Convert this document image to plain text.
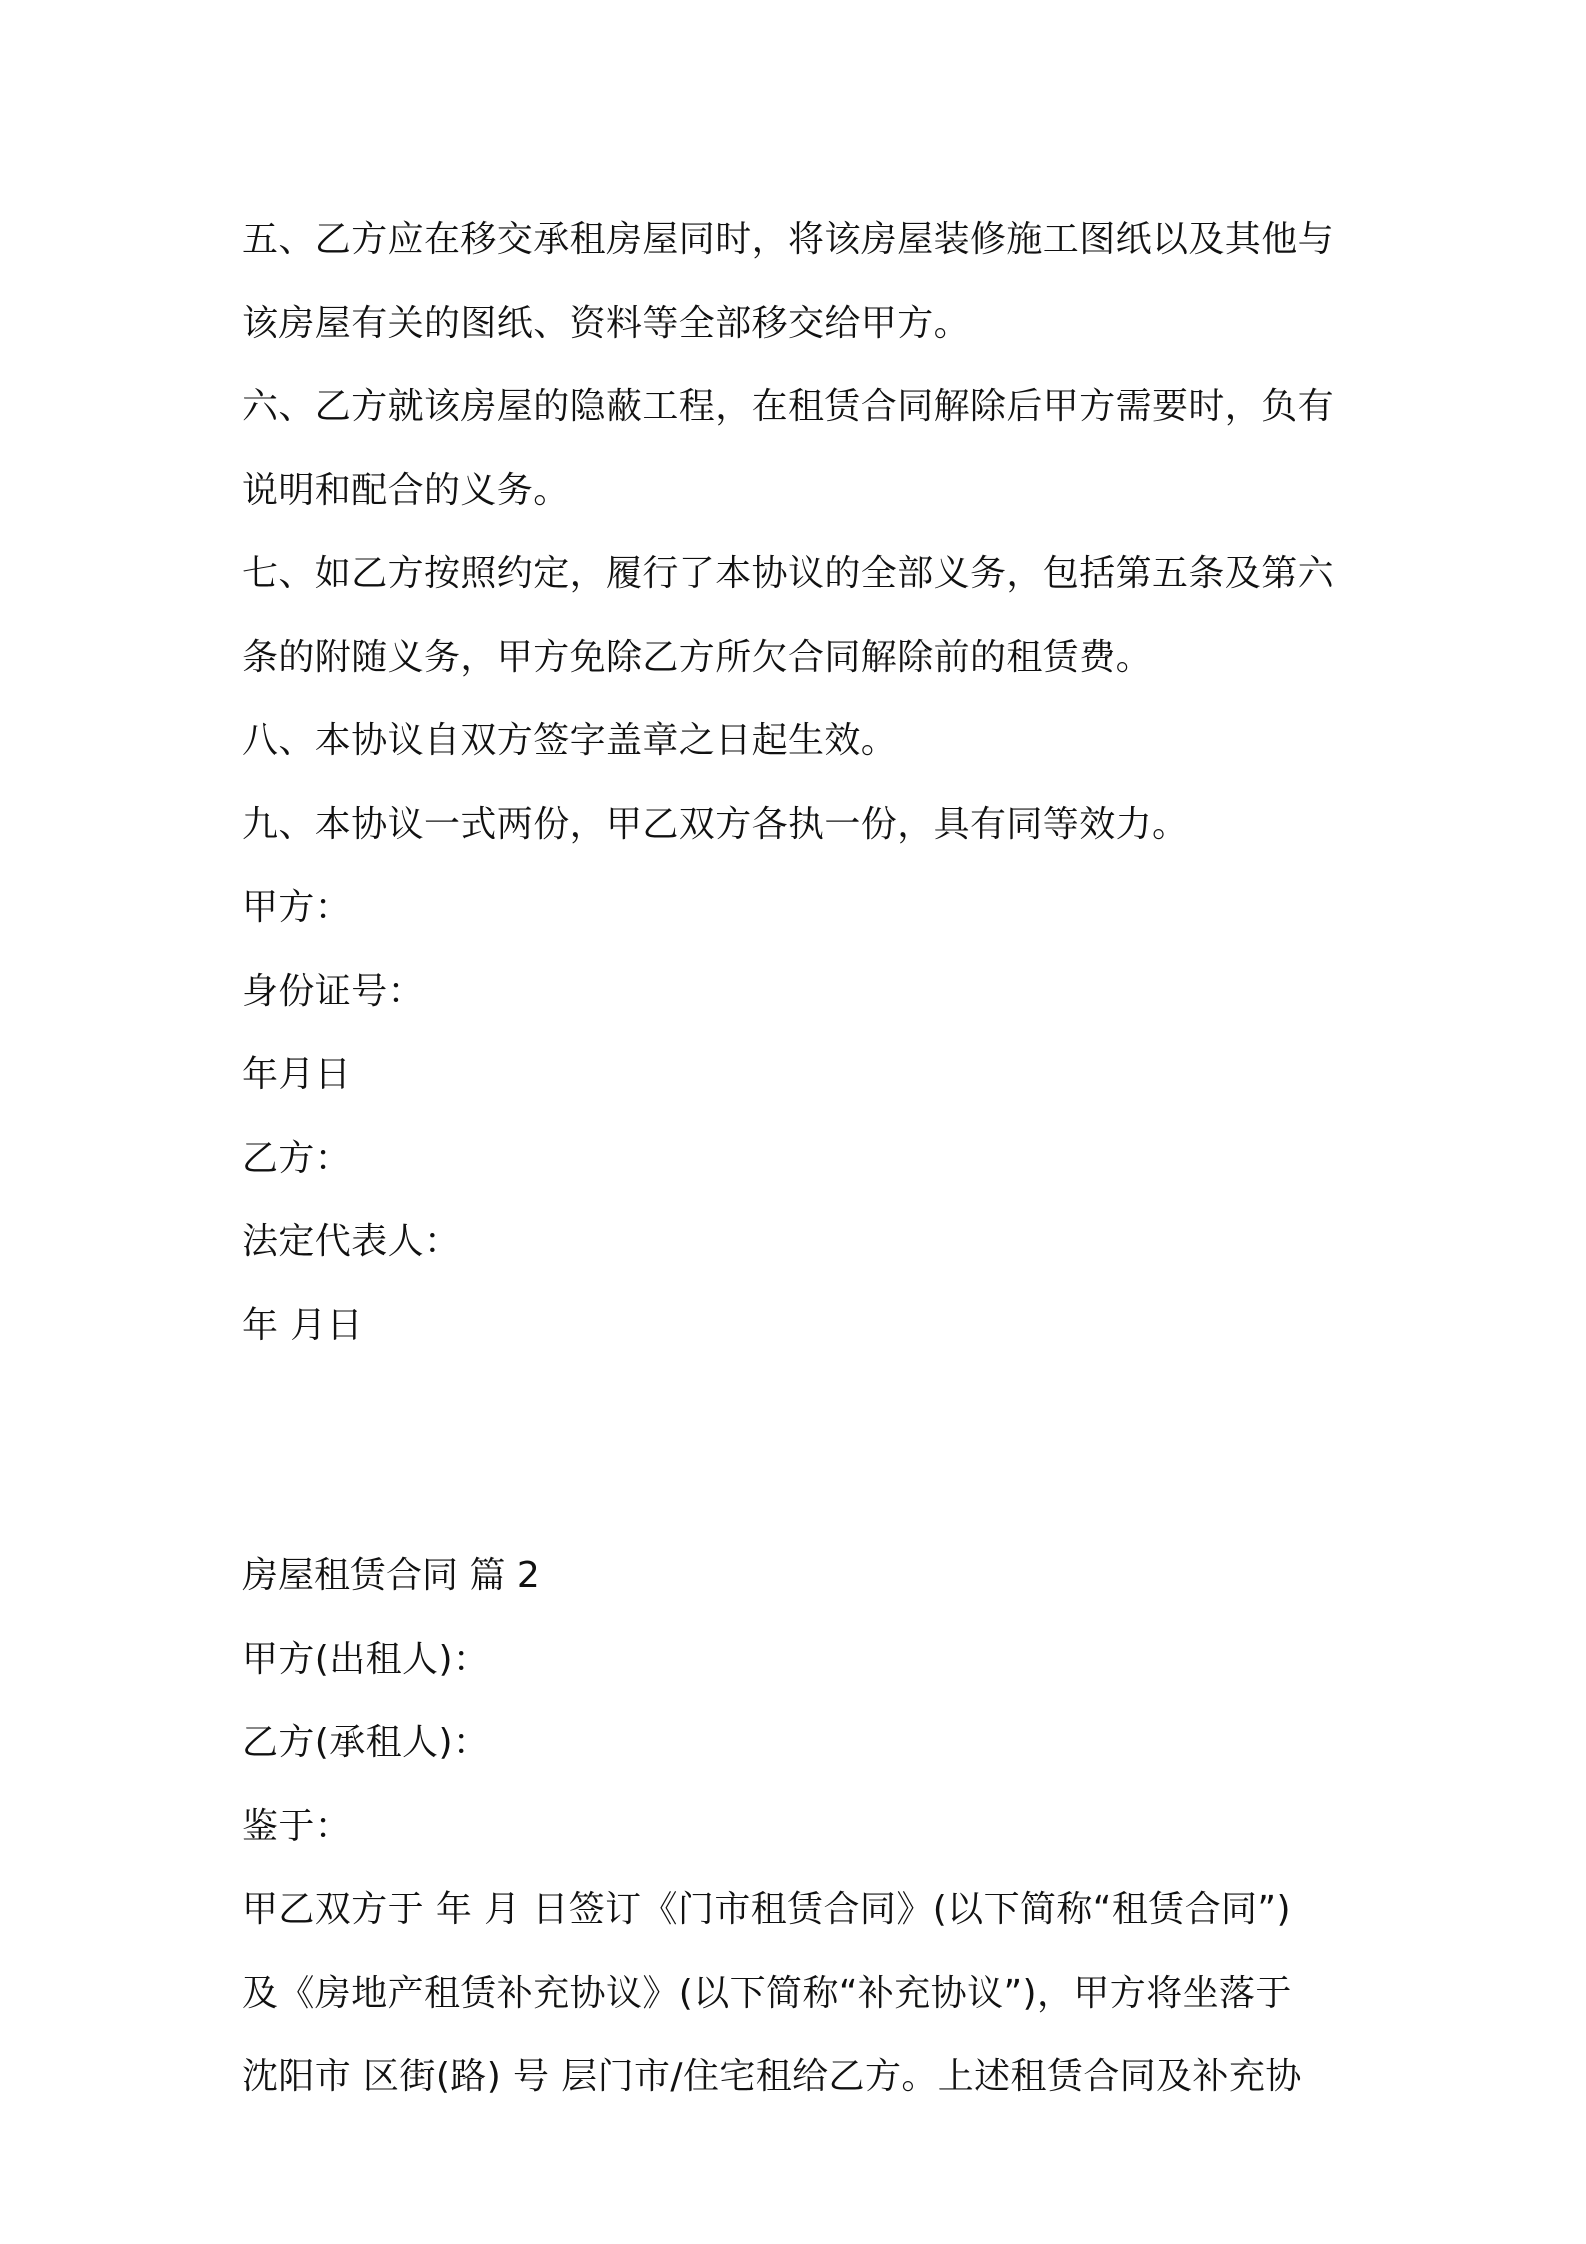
五、乙方应在移交承租房屋同时，将该房屋装修施工图纸以及其他与
该房屋有关的图纸、资料等全部移交给甲方。
六、乙方就该房屋的隐蔽工程，在租赁合同解除后甲方需要时，负有
说明和配合的义务。
七、如乙方按照约定，履行了本协议的全部义务，包括第五条及第六
条的附随义务，甲方免除乙方所欠合同解除前的租赁费。
八、本协议自双方签字盖章之日起生效。
九、本协议一式两份，甲乙双方各执一份，具有同等效力。
甲方：
身份证号：
年月日
乙方：
法定代表人：
年 月日
房屋租赁合同 篇 2
甲方(出租人)：
乙方(承租人)：
鉴于：
甲乙双方于 年 月 日签订《门市租赁合同》(以下简称“租赁合同”)
及《房地产租赁补充协议》(以下简称“补充协议”)，甲方将坐落于
沈阳市 区街(路) 号 层门市/住宅租给乙方。上述租赁合同及补充协
